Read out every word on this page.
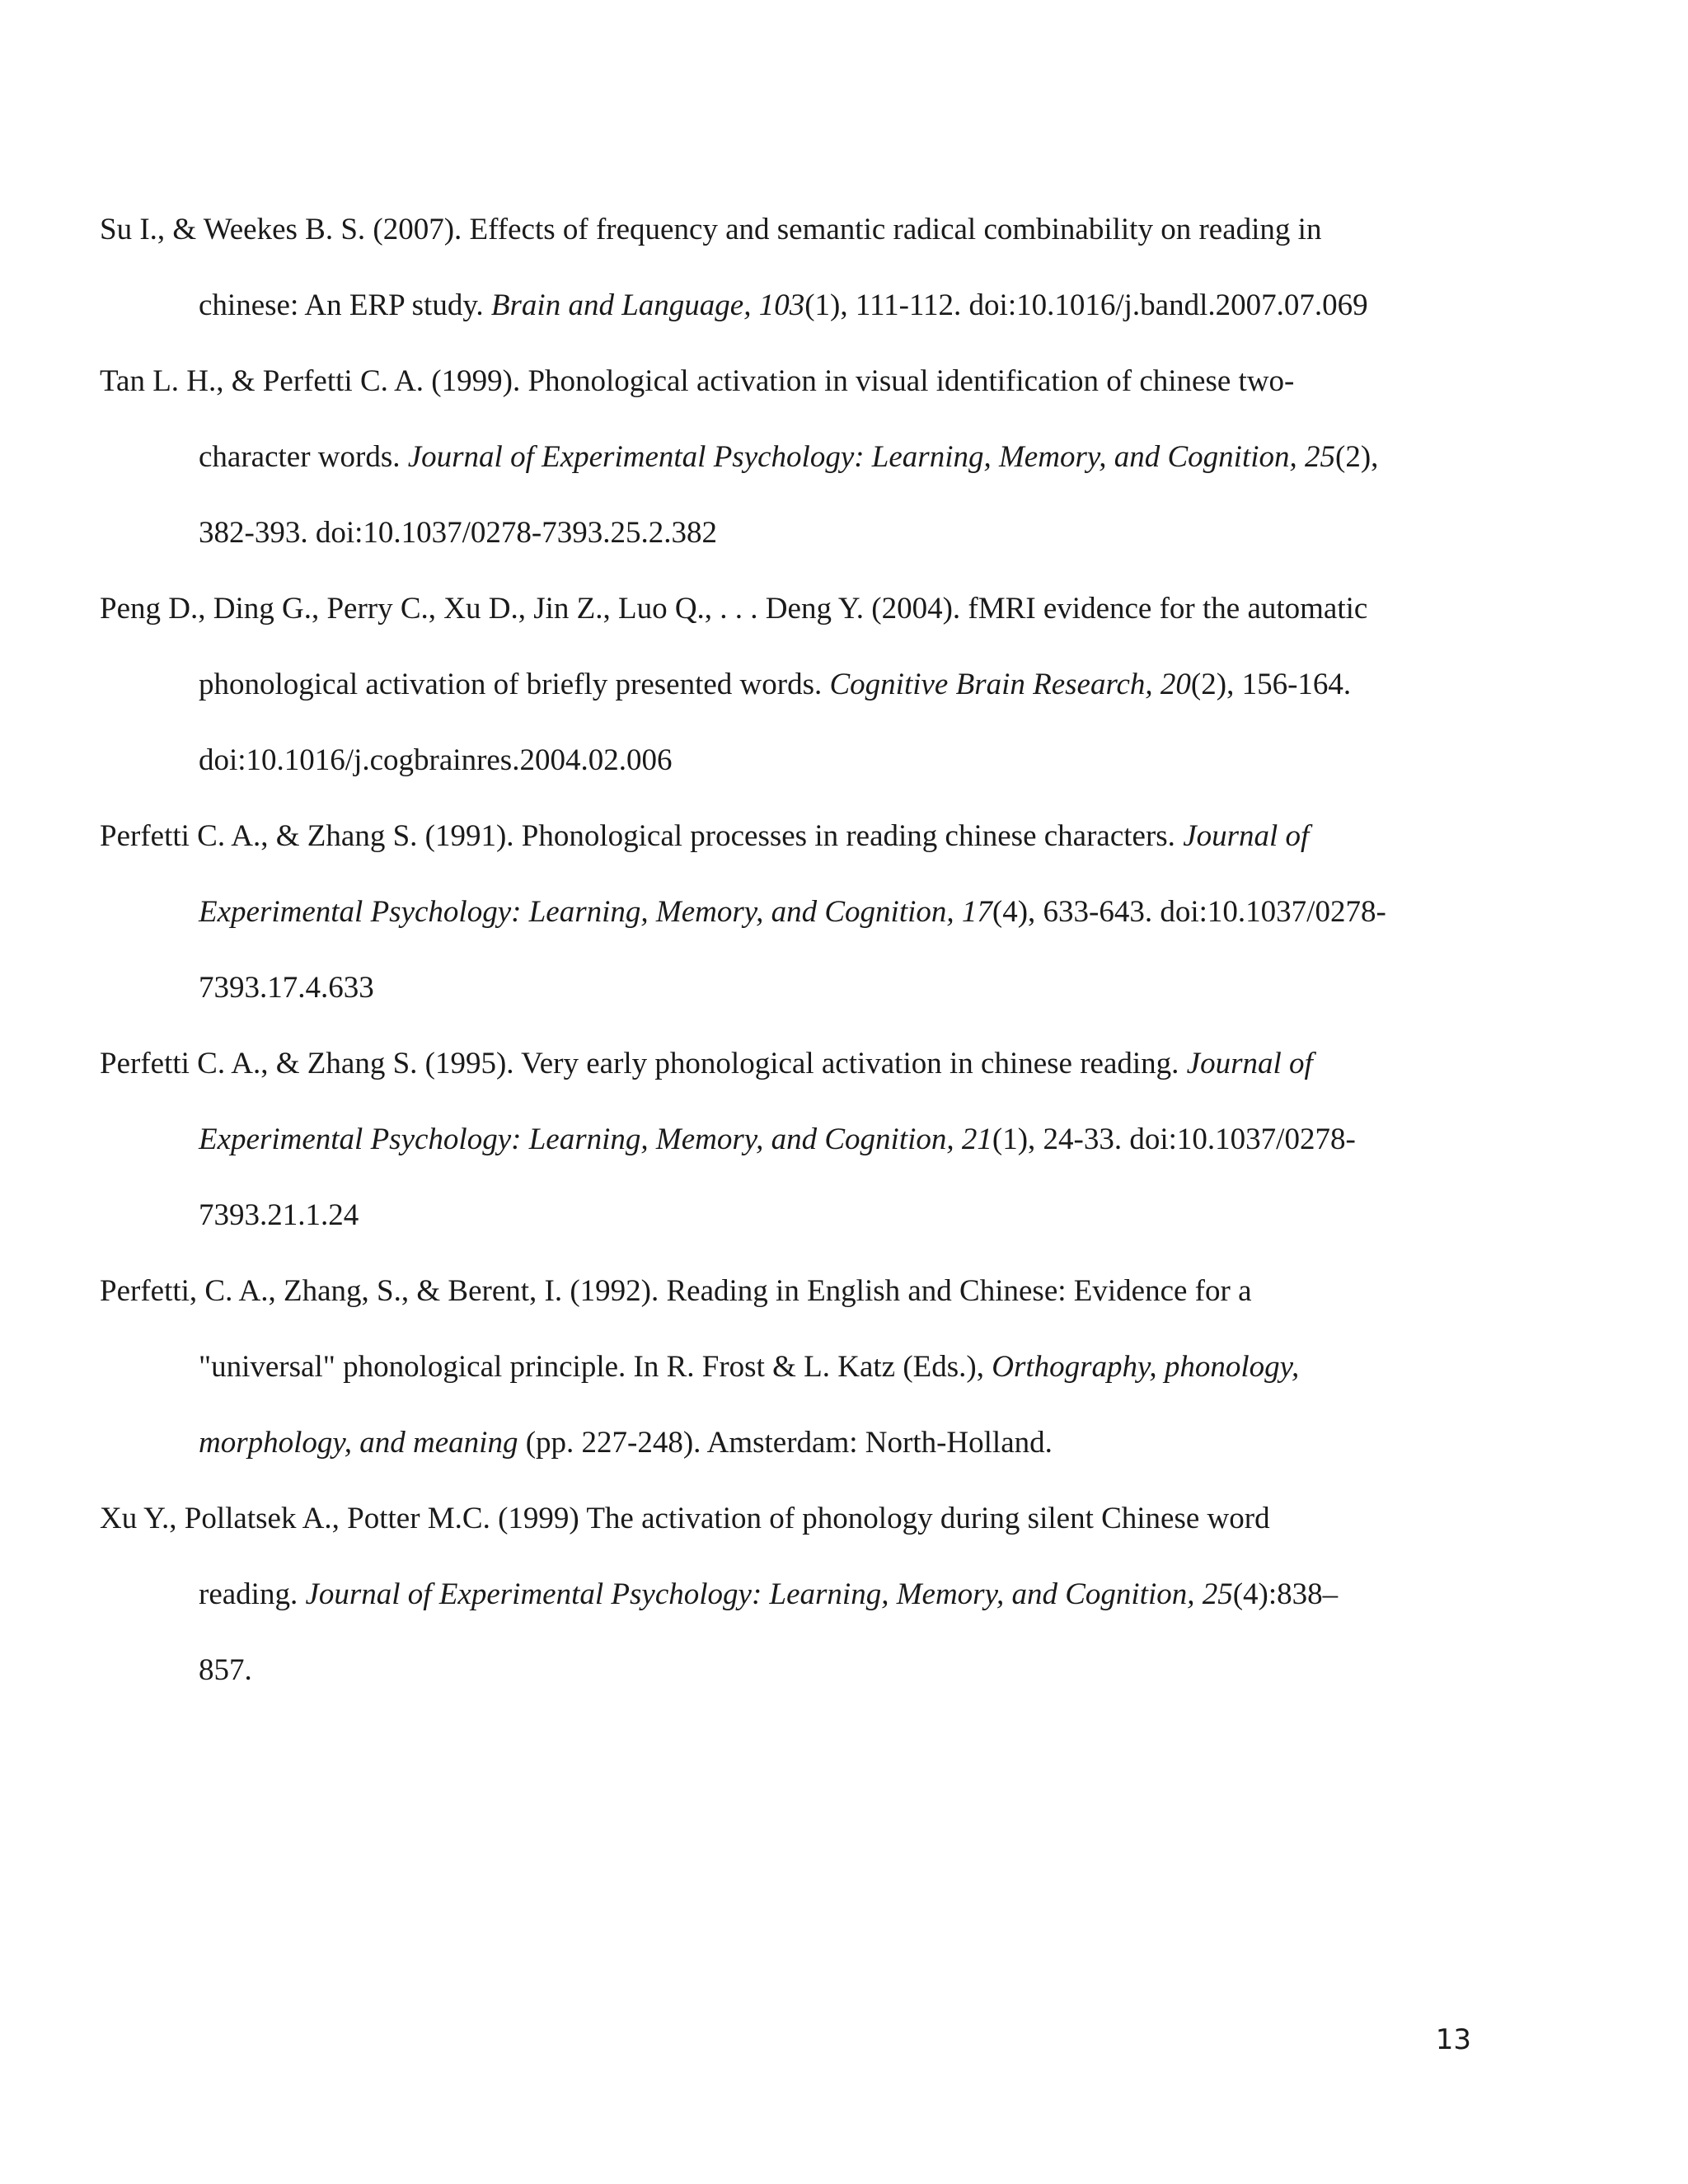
Su I., & Weekes B. S. (2007). Effects of frequency and semantic radical combinability on reading in
chinese: An ERP study. Brain and Language, 103(1), 111-112. doi:10.1016/j.bandl.2007.07.069
Tan L. H., & Perfetti C. A. (1999). Phonological activation in visual identification of chinese two-
character words. Journal of Experimental Psychology: Learning, Memory, and Cognition, 25(2),
382-393. doi:10.1037/0278-7393.25.2.382
Peng D., Ding G., Perry C., Xu D., Jin Z., Luo Q., . . . Deng Y. (2004). fMRI evidence for the automatic
phonological activation of briefly presented words. Cognitive Brain Research, 20(2), 156-164.
doi:10.1016/j.cogbrainres.2004.02.006
Perfetti C. A., & Zhang S. (1991). Phonological processes in reading chinese characters. Journal of
Experimental Psychology: Learning, Memory, and Cognition, 17(4), 633-643. doi:10.1037/0278-
7393.17.4.633
Perfetti C. A., & Zhang S. (1995). Very early phonological activation in chinese reading. Journal of
Experimental Psychology: Learning, Memory, and Cognition, 21(1), 24-33. doi:10.1037/0278-
7393.21.1.24
Perfetti, C. A., Zhang, S., & Berent, I. (1992). Reading in English and Chinese: Evidence for a
"universal" phonological principle. In R. Frost & L. Katz (Eds.), Orthography, phonology,
morphology, and meaning (pp. 227-248). Amsterdam: North-Holland.
Xu Y., Pollatsek A., Potter M.C. (1999) The activation of phonology during silent Chinese word
reading. Journal of Experimental Psychology: Learning, Memory, and Cognition, 25(4):838–
857.
13
